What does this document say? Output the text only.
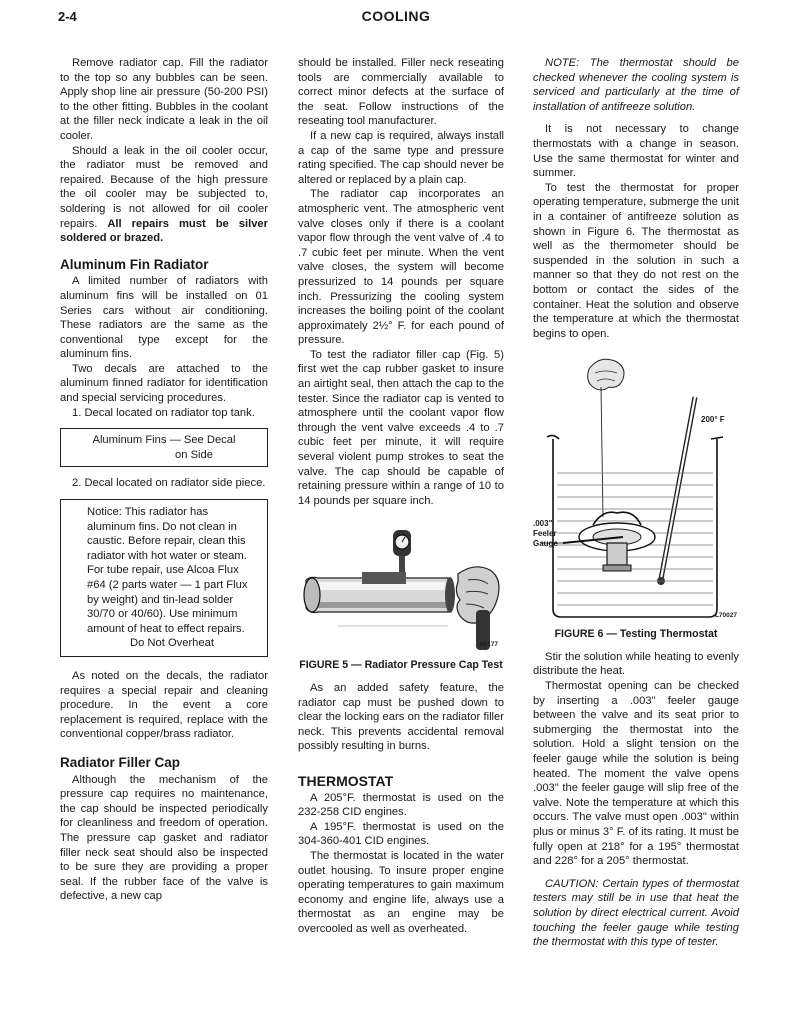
2-4	COOLING

Remove radiator cap. Fill the radiator to the top so any bubbles can be seen. Apply shop line air pressure (50-200 PSI) to the other fitting. Bubbles in the coolant at the filler neck indicate a leak in the oil cooler.

Should a leak in the oil cooler occur, the radiator must be removed and repaired. Because of the high pressure the oil cooler may be subjected to, soldering is not allowed for oil cooler repairs. All repairs must be silver soldered or brazed.

Aluminum Fin Radiator

A limited number of radiators with aluminum fins will be installed on 01 Series cars without air conditioning. These radiators are the same as the conventional type except for the aluminum fins.

Two decals are attached to the aluminum finned radiator for identification and special servicing procedures.

1. Decal located on radiator top tank.

Aluminum Fins — See Decal
on Side

2. Decal located on radiator side piece.

Notice: This radiator has aluminum fins. Do not clean in caustic. Before repair, clean this radiator with hot water or steam. For tube repair, use Alcoa Flux #64 (2 parts water — 1 part Flux by weight) and tin-lead solder 30/70 or 40/60). Use minimum amount of heat to effect repairs.

Do Not Overheat

As noted on the decals, the radiator requires a special repair and cleaning procedure. In the event a core replacement is required, replace with the conventional copper/brass radiator.

Radiator Filler Cap

Although the mechanism of the pressure cap requires no maintenance, the cap should be inspected periodically for cleanliness and freedom of operation. The pressure cap gasket and radiator filler neck seat should also be inspected to be sure they are providing a proper seal. If the rubber face of the valve is defective, a new cap

should be installed. Filler neck reseating tools are commercially available to correct minor defects at the surface of the seat. Follow instructions of the reseating tool manufacturer.

If a new cap is required, always install a cap of the same type and pressure rating specified. The cap should never be altered or replaced by a plain cap.

The radiator cap incorporates an atmospheric vent. The atmospheric vent valve closes only if there is a coolant vapor flow through the vent valve of .4 to .7 cubic feet per minute. When the vent valve closes, the system will become pressurized to 14 pounds per square inch. Pressurizing the cooling system increases the boiling point of the coolant approximately 2½° F. for each pound of pressure.

To test the radiator filler cap (Fig. 5) first wet the cap rubber gasket to insure an airtight seal, then attach the cap to the tester. Since the radiator cap is vented to atmosphere until the coolant vapor flow through the vent valve exceeds .4 to .7 cubic feet per minute, it will require several violent pump strokes to seat the valve. The cap should be capable of retaining pressure within a range of 10 to 14 pounds per square inch.

66177
FIGURE 5 — Radiator Pressure Cap Test

As an added safety feature, the radiator cap must be pushed down to clear the locking ears on the radiator filler neck. This prevents accidental removal possibly resulting in burns.

THERMOSTAT

A 205°F. thermostat is used on the 232-258 CID engines.

A 195°F. thermostat is used on the 304-360-401 CID engines.

The thermostat is located in the water outlet housing. To insure proper engine operating temperatures to gain maximum economy and engine life, always use a thermostat as an engine may be overcooled as well as overheated.

NOTE: The thermostat should be checked whenever the cooling system is serviced and particularly at the time of installation of antifreeze solution.

It is not necessary to change thermostats with a change in season. Use the same thermostat for winter and summer.

To test the thermostat for proper operating temperature, submerge the unit in a container of antifreeze solution as shown in Figure 6. The thermostat as well as the thermometer should be suspended in the solution in such a manner so that they do not rest on the bottom or contact the sides of the container. Heat the solution and observe the temperature at which the thermostat begins to open.

200° F
.003"
Feeler
Gauge
L70027
FIGURE 6 — Testing Thermostat

Stir the solution while heating to evenly distribute the heat.

Thermostat opening can be checked by inserting a .003" feeler gauge between the valve and its seat prior to submerging the thermostat into the solution. Hold a slight tension on the feeler gauge while the solution is being heated. The moment the valve opens .003" the feeler gauge will slip free of the valve. Note the temperature at which this occurs. The valve must open .003" within plus or minus 3° F. of its rating. It must be fully open at 218° for a 195° thermostat and 228° for a 205° thermostat.

CAUTION: Certain types of thermostat testers may still be in use that heat the solution by direct electrical current. Avoid touching the feeler gauge while testing the thermostat with this type of tester.
